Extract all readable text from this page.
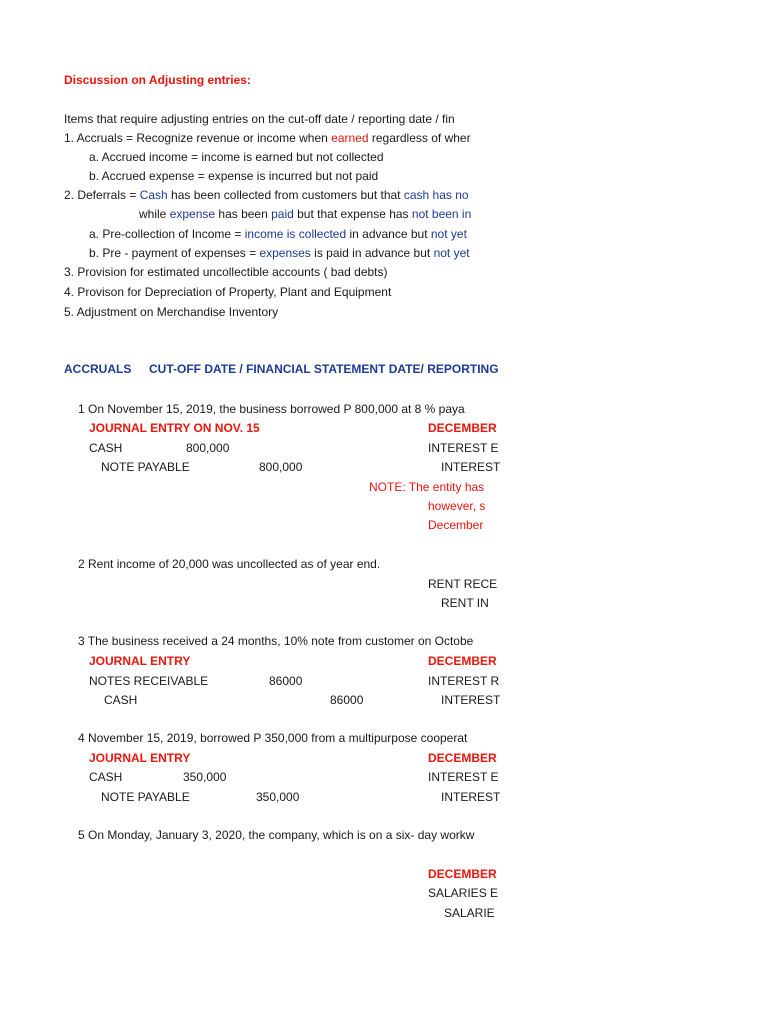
Discussion on Adjusting entries:
Items that require adjusting entries on the cut-off date / reporting date / fin
1. Accruals = Recognize revenue or income when earned regardless of wher
a. Accrued income = income is earned but not collected
b. Accrued expense = expense is incurred but not paid
2. Deferrals = Cash has been collected from customers but that cash has no
while expense has been paid but that expense has not been in
a. Pre-collection of Income = income is collected in advance but not yet
b. Pre - payment of expenses = expenses is paid in advance but not yet
3. Provision for estimated uncollectible accounts ( bad debts)
4. Provison for Depreciation of Property, Plant and Equipment
5. Adjustment on Merchandise Inventory
ACCRUALS CUT-OFF DATE / FINANCIAL STATEMENT DATE/ REPORTING
1 On November 15, 2019, the business borrowed P 800,000 at 8 % paya
JOURNAL ENTRY ON NOV. 15	DECEMBER
CASH	800,000	INTEREST E
NOTE PAYABLE	800,000	INTEREST
NOTE: The entity has
however, s
December
2 Rent income of 20,000 was uncollected as of year end.
RENT RECE
RENT IN
3 The business received a 24 months, 10% note from customer on Octobe
JOURNAL ENTRY	DECEMBER
NOTES RECEIVABLE	86000	INTEREST R
CASH	86000	INTEREST
4 November 15, 2019, borrowed P 350,000 from a multipurpose cooperat
JOURNAL ENTRY	DECEMBER
CASH	350,000	INTEREST E
NOTE PAYABLE	350,000	INTEREST
5 On Monday, January 3, 2020, the company, which is on a six- day workw
DECEMBER
SALARIES E
SALARIE
